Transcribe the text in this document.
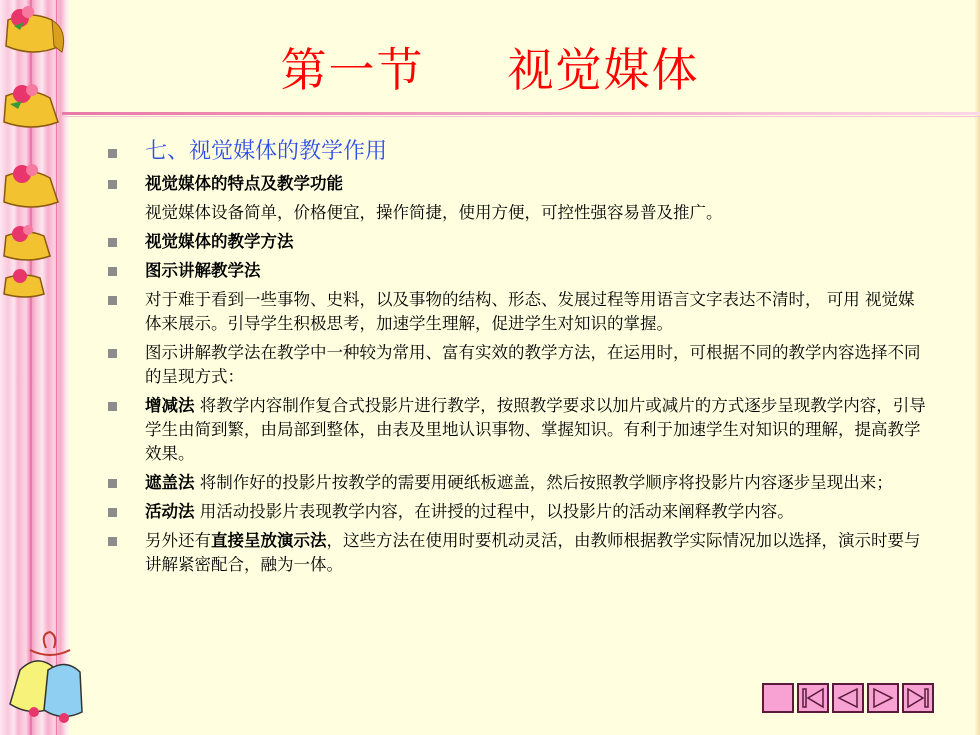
第一节     视觉媒体
七、视觉媒体的教学作用
视觉媒体的特点及教学功能
视觉媒体设备简单，价格便宜，操作简捷，使用方便，可控性强容易普及推广。
视觉媒体的教学方法
图示讲解教学法
对于难于看到一些事物、史料，以及事物的结构、形态、发展过程等用语言文字表达不清时， 可用 视觉媒体来展示。引导学生积极思考，加速学生理解，促进学生对知识的掌握。
图示讲解教学法在教学中一种较为常用、富有实效的教学方法，在运用时，可根据不同的教学内容选择不同的呈现方式：
增减法 将教学内容制作复合式投影片进行教学，按照教学要求以加片或减片的方式逐步呈现教学内容，引导学生由简到繁，由局部到整体，由表及里地认识事物、掌握知识。有利于加速学生对知识的理解，提高教学效果。
遮盖法 将制作好的投影片按教学的需要用硬纸板遮盖，然后按照教学顺序将投影片内容逐步呈现出来；
活动法 用活动投影片表现教学内容，在讲授的过程中，以投影片的活动来阐释教学内容。
另外还有直接呈放演示法，这些方法在使用时要机动灵活，由教师根据教学实际情况加以选择，演示时要与讲解紧密配合，融为一体。
